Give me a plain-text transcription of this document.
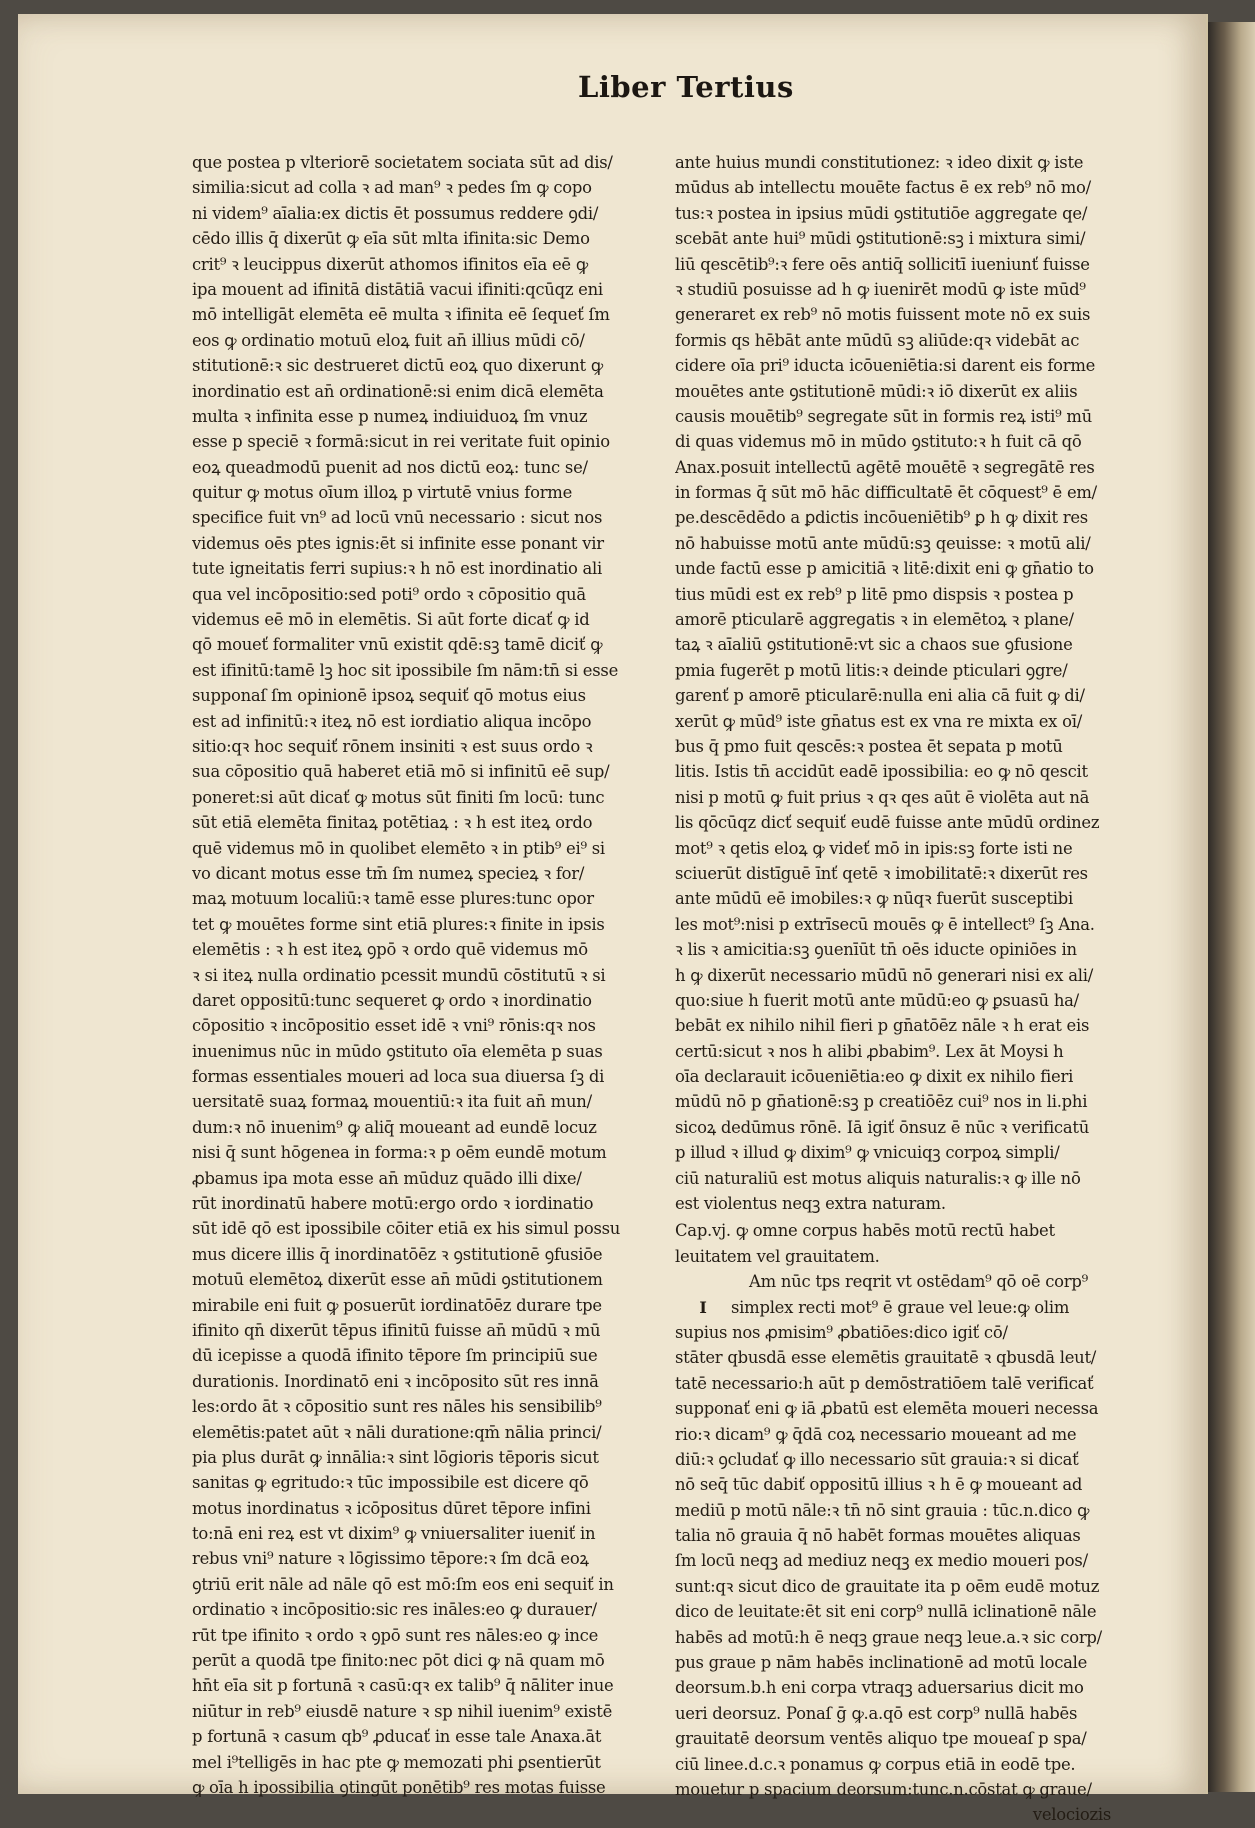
Liber Tertius
que postea p vlteriorē societatem sociata sūt ad dis/
similia:sicut ad colla ꝛ ad man⁹ ꝛ pedes ſm ꝙ copo
ni videm⁹ aīalia:ex dictis ēt possumus reddere ꝯdi/
cēdo illis q̄ dixerūt ꝙ eīa sūt mlta ifinita:sic Demo
crit⁹ ꝛ leucippus dixerūt athomos ifinitos eīa eē ꝙ
ipa mouent ad ifinitā distātiā vacui ifiniti:qcūqz eni
mō intelligāt elemēta eē multa ꝛ ifinita eē ſequeť ſm
eos ꝙ ordinatio motuū eloꝝ fuit an̄ illius mūdi cō/
stitutionē:ꝛ sic destrueret dictū eoꝝ quo dixerunt ꝙ
inordinatio est an̄ ordinationē:si enim dicā elemēta
multa ꝛ infinita esse p numeꝝ indiuiduoꝝ ſm vnuz
esse p speciē ꝛ formā:sicut in rei veritate fuit opinio
eoꝝ queadmodū puenit ad nos dictū eoꝝ: tunc se/
quitur ꝙ motus oīum illoꝝ p virtutē vnius forme
specifice fuit vn⁹ ad locū vnū necessario : sicut nos
videmus oēs ptes ignis:ēt si infinite esse ponant vir
tute igneitatis ferri supius:ꝛ h nō est inordinatio ali
qua vel incōpositio:sed poti⁹ ordo ꝛ cōpositio quā
videmus eē mō in elemētis. Si aūt forte dicať ꝙ id
qō moueť formaliter vnū existit qdē:sꝫ tamē diciť ꝙ
est ifinitū:tamē lꝫ hoc sit ipossibile ſm nām:tn̄ si esse
supponaſ ſm opinionē ipsoꝝ sequiť qō motus eius
est ad infinitū:ꝛ iteꝝ nō est iordiatio aliqua incōpo
sitio:qꝛ hoc sequiť rōnem insiniti ꝛ est suus ordo ꝛ
sua cōpositio quā haberet etiā mō si infinitū eē sup/
poneret:si aūt dicať ꝙ motus sūt finiti ſm locū: tunc
sūt etiā elemēta finitaꝝ potētiaꝝ : ꝛ h est iteꝝ ordo
quē videmus mō in quolibet elemēto ꝛ in ptib⁹ ei⁹ si
vo dicant motus esse tm̄ ſm numeꝝ specieꝝ ꝛ for/
maꝝ motuum localiū:ꝛ tamē esse plures:tunc opor
tet ꝙ mouētes forme sint etiā plures:ꝛ finite in ipsis
elemētis : ꝛ h est iteꝝ ꝯpō ꝛ ordo quē videmus mō
ꝛ si iteꝝ nulla ordinatio pcessit mundū cōstitutū ꝛ si
daret oppositū:tunc sequeret ꝙ ordo ꝛ inordinatio
cōpositio ꝛ incōpositio esset idē ꝛ vni⁹ rōnis:qꝛ nos
inuenimus nūc in mūdo ꝯstituto oīa elemēta p suas
formas essentiales moueri ad loca sua diuersa ſꝫ di
uersitatē suaꝝ formaꝝ mouentiū:ꝛ ita fuit an̄ mun/
dum:ꝛ nō inuenim⁹ ꝙ aliq̄ moueant ad eundē locuz
nisi q̄ sunt hōgenea in forma:ꝛ p oēm eundē motum
ꝓbamus ipa mota esse an̄ mūduz quādo illi dixe/
rūt inordinatū habere motū:ergo ordo ꝛ iordinatio
sūt idē qō est ipossibile cōiter etiā ex his simul possu
mus dicere illis q̄ inordinatōēz ꝛ ꝯstitutionē ꝯfusiōe
motuū elemētoꝝ dixerūt esse an̄ mūdi ꝯstitutionem
mirabile eni fuit ꝙ posuerūt iordinatōēz durare tpe
ifinito qn̄ dixerūt tēpus ifinitū fuisse an̄ mūdū ꝛ mū
dū icepisse a quodā ifinito tēpore ſm principiū sue
durationis. Inordinatō eni ꝛ incōposito sūt res innā
les:ordo āt ꝛ cōpositio sunt res nāles his sensibilib⁹
elemētis:patet aūt ꝛ nāli duratione:qm̄ nālia princi/
pia plus durāt ꝙ innālia:ꝛ sint lōgioris tēporis sicut
sanitas ꝙ egritudo:ꝛ tūc impossibile est dicere qō
motus inordinatus ꝛ icōpositus dūret tēpore infini
to:nā eni reꝝ est vt dixim⁹ ꝙ vniuersaliter iueniť in
rebus vni⁹ nature ꝛ lōgissimo tēpore:ꝛ ſm dcā eoꝝ
ꝯtriū erit nāle ad nāle qō est mō:ſm eos eni sequiť in
ordinatio ꝛ incōpositio:sic res ināles:eo ꝙ durauer/
rūt tpe ifinito ꝛ ordo ꝛ ꝯpō sunt res nāles:eo ꝙ ince
perūt a quodā tpe finito:nec pōt dici ꝙ nā quam mō
hn̄t eīa sit p fortunā ꝛ casū:qꝛ ex talib⁹ q̄ nāliter inue
niūtur in reb⁹ eiusdē nature ꝛ sp nihil iuenim⁹ existē
p fortunā ꝛ casum qb⁹ ꝓducať in esse tale Anaxa.āt
mel i⁹telligēs in hac pte ꝙ memozati phi ꝑsentierūt
ꝙ oīa h ipossibilia ꝯtingūt ponētib⁹ res motas fuisse
ante huius mundi constitutionez: ꝛ ideo dixit ꝙ iste
mūdus ab intellectu mouēte factus ē ex reb⁹ nō mo/
tus:ꝛ postea in ipsius mūdi ꝯstitutiōe aggregate qe/
scebāt ante hui⁹ mūdi ꝯstitutionē:sꝫ i mixtura simi/
liū qescētib⁹:ꝛ fere oēs antiq̄ sollicitī iueniunť fuisse
ꝛ studiū posuisse ad h ꝙ iuenirēt modū ꝙ iste mūd⁹
generaret ex reb⁹ nō motis fuissent mote nō ex suis
formis qs hēbāt ante mūdū sꝫ aliūde:qꝛ videbāt ac
cidere oīa pri⁹ iducta icōueniētia:si darent eis forme
mouētes ante ꝯstitutionē mūdi:ꝛ iō dixerūt ex aliis
causis mouētib⁹ segregate sūt in formis reꝝ isti⁹ mū
di quas videmus mō in mūdo ꝯstituto:ꝛ h fuit cā qō
Anax.posuit intellectū agētē mouētē ꝛ segregātē res
in formas q̄ sūt mō hāc difficultatē ēt cōquest⁹ ē em/
pe.descēdēdo a ꝑdictis incōueniētib⁹ ꝑ h ꝙ dixit res
nō habuisse motū ante mūdū:sꝫ qeuisse: ꝛ motū ali/
unde factū esse p amicitiā ꝛ litē:dixit eni ꝙ gn̄atio to
tius mūdi est ex reb⁹ p litē pmo dispsis ꝛ postea p
amorē pticularē aggregatis ꝛ in elemētoꝝ ꝛ plane/
taꝝ ꝛ aīaliū ꝯstitutionē:vt sic a chaos sue ꝯfusione
pmia fugerēt p motū litis:ꝛ deinde pticulari ꝯgre/
garenť p amorē pticularē:nulla eni alia cā fuit ꝙ di/
xerūt ꝙ mūd⁹ iste gn̄atus est ex vna re mixta ex oī/
bus q̄ pmo fuit qescēs:ꝛ postea ēt sepata p motū
litis. Istis tn̄ accidūt eadē ipossibilia: eo ꝙ nō qescit
nisi p motū ꝙ fuit prius ꝛ qꝛ qes aūt ē violēta aut nā
lis qōcūqz dicť sequiť eudē fuisse ante mūdū ordinez
mot⁹ ꝛ qetis eloꝝ ꝙ videť mō in ipis:sꝫ forte isti ne
sciuerūt distīguē īnť qetē ꝛ imobilitatē:ꝛ dixerūt res
ante mūdū eē imobiles:ꝛ ꝙ nūqꝛ fuerūt susceptibi
les mot⁹:nisi p extrīsecū mouēs ꝙ ē intellect⁹ ſꝫ Ana.
ꝛ lis ꝛ amicitia:sꝫ ꝯuenīūt tn̄ oēs iducte opiniōes in
h ꝙ dixerūt necessario mūdū nō generari nisi ex ali/
quo:siue h fuerit motū ante mūdū:eo ꝙ ꝑsuasū ha/
bebāt ex nihilo nihil fieri p gn̄atōēz nāle ꝛ h erat eis
certū:sicut ꝛ nos h alibi ꝓbabim⁹. Lex āt Moysi h
oīa declarauit icōueniētia:eo ꝙ dixit ex nihilo fieri
mūdū nō p gn̄ationē:sꝫ p creatiōēz cui⁹ nos in li.phi
sicoꝝ dedūmus rōnē. Iā igiť ōnsuz ē nūc ꝛ verificatū
p illud ꝛ illud ꝙ dixim⁹ ꝙ vnicuiqꝫ corpoꝝ simpli/
ciū naturaliū est motus aliquis naturalis:ꝛ ꝙ ille nō
est violentus neqꝫ extra naturam.
Cap.vj. ꝙ omne corpus habēs motū rectū habet
leuitatem vel grauitatem.
Am nūc tps reqrit vt ostēdam⁹ qō oē corp⁹
I simplex recti mot⁹ ē graue vel leue:ꝙ olim
supius nos ꝓmisim⁹ ꝓbatiōes:dico igiť cō/
stāter qbusdā esse elemētis grauitatē ꝛ qbusdā leut/
tatē necessario:h aūt p demōstratiōem talē verificať
supponať eni ꝙ iā ꝓbatū est elemēta moueri necessa
rio:ꝛ dicam⁹ ꝙ q̄dā coꝝ necessario moueant ad me
diū:ꝛ ꝯcludať ꝙ illo necessario sūt grauia:ꝛ si dicať
nō seq̄ tūc dabiť oppositū illius ꝛ h ē ꝙ moueant ad
mediū p motū nāle:ꝛ tn̄ nō sint grauia : tūc.n.dico ꝙ
talia nō grauia q̄ nō habēt formas mouētes aliquas
ſm locū neqꝫ ad mediuz neqꝫ ex medio moueri pos/
sunt:qꝛ sicut dico de grauitate ita p oēm eudē motuz
dico de leuitate:ēt sit eni corp⁹ nullā iclinationē nāle
habēs ad motū:h ē neqꝫ graue neqꝫ leue.a.ꝛ sic corp/
pus graue p nām habēs inclinationē ad motū locale
deorsum.b.h eni corpa vtraqꝫ aduersarius dicit mo
ueri deorsuz. Ponaſ ḡ ꝙ.a.qō est corp⁹ nullā habēs
grauitatē deorsum ventēs aliquo tpe moueaſ p spa/
ciū linee.d.c.ꝛ ponamus ꝙ corpus etiā in eodē tpe.
mouetur p spacium deorsum:tunc.n.cōstat ꝙ graue/
velociozis
